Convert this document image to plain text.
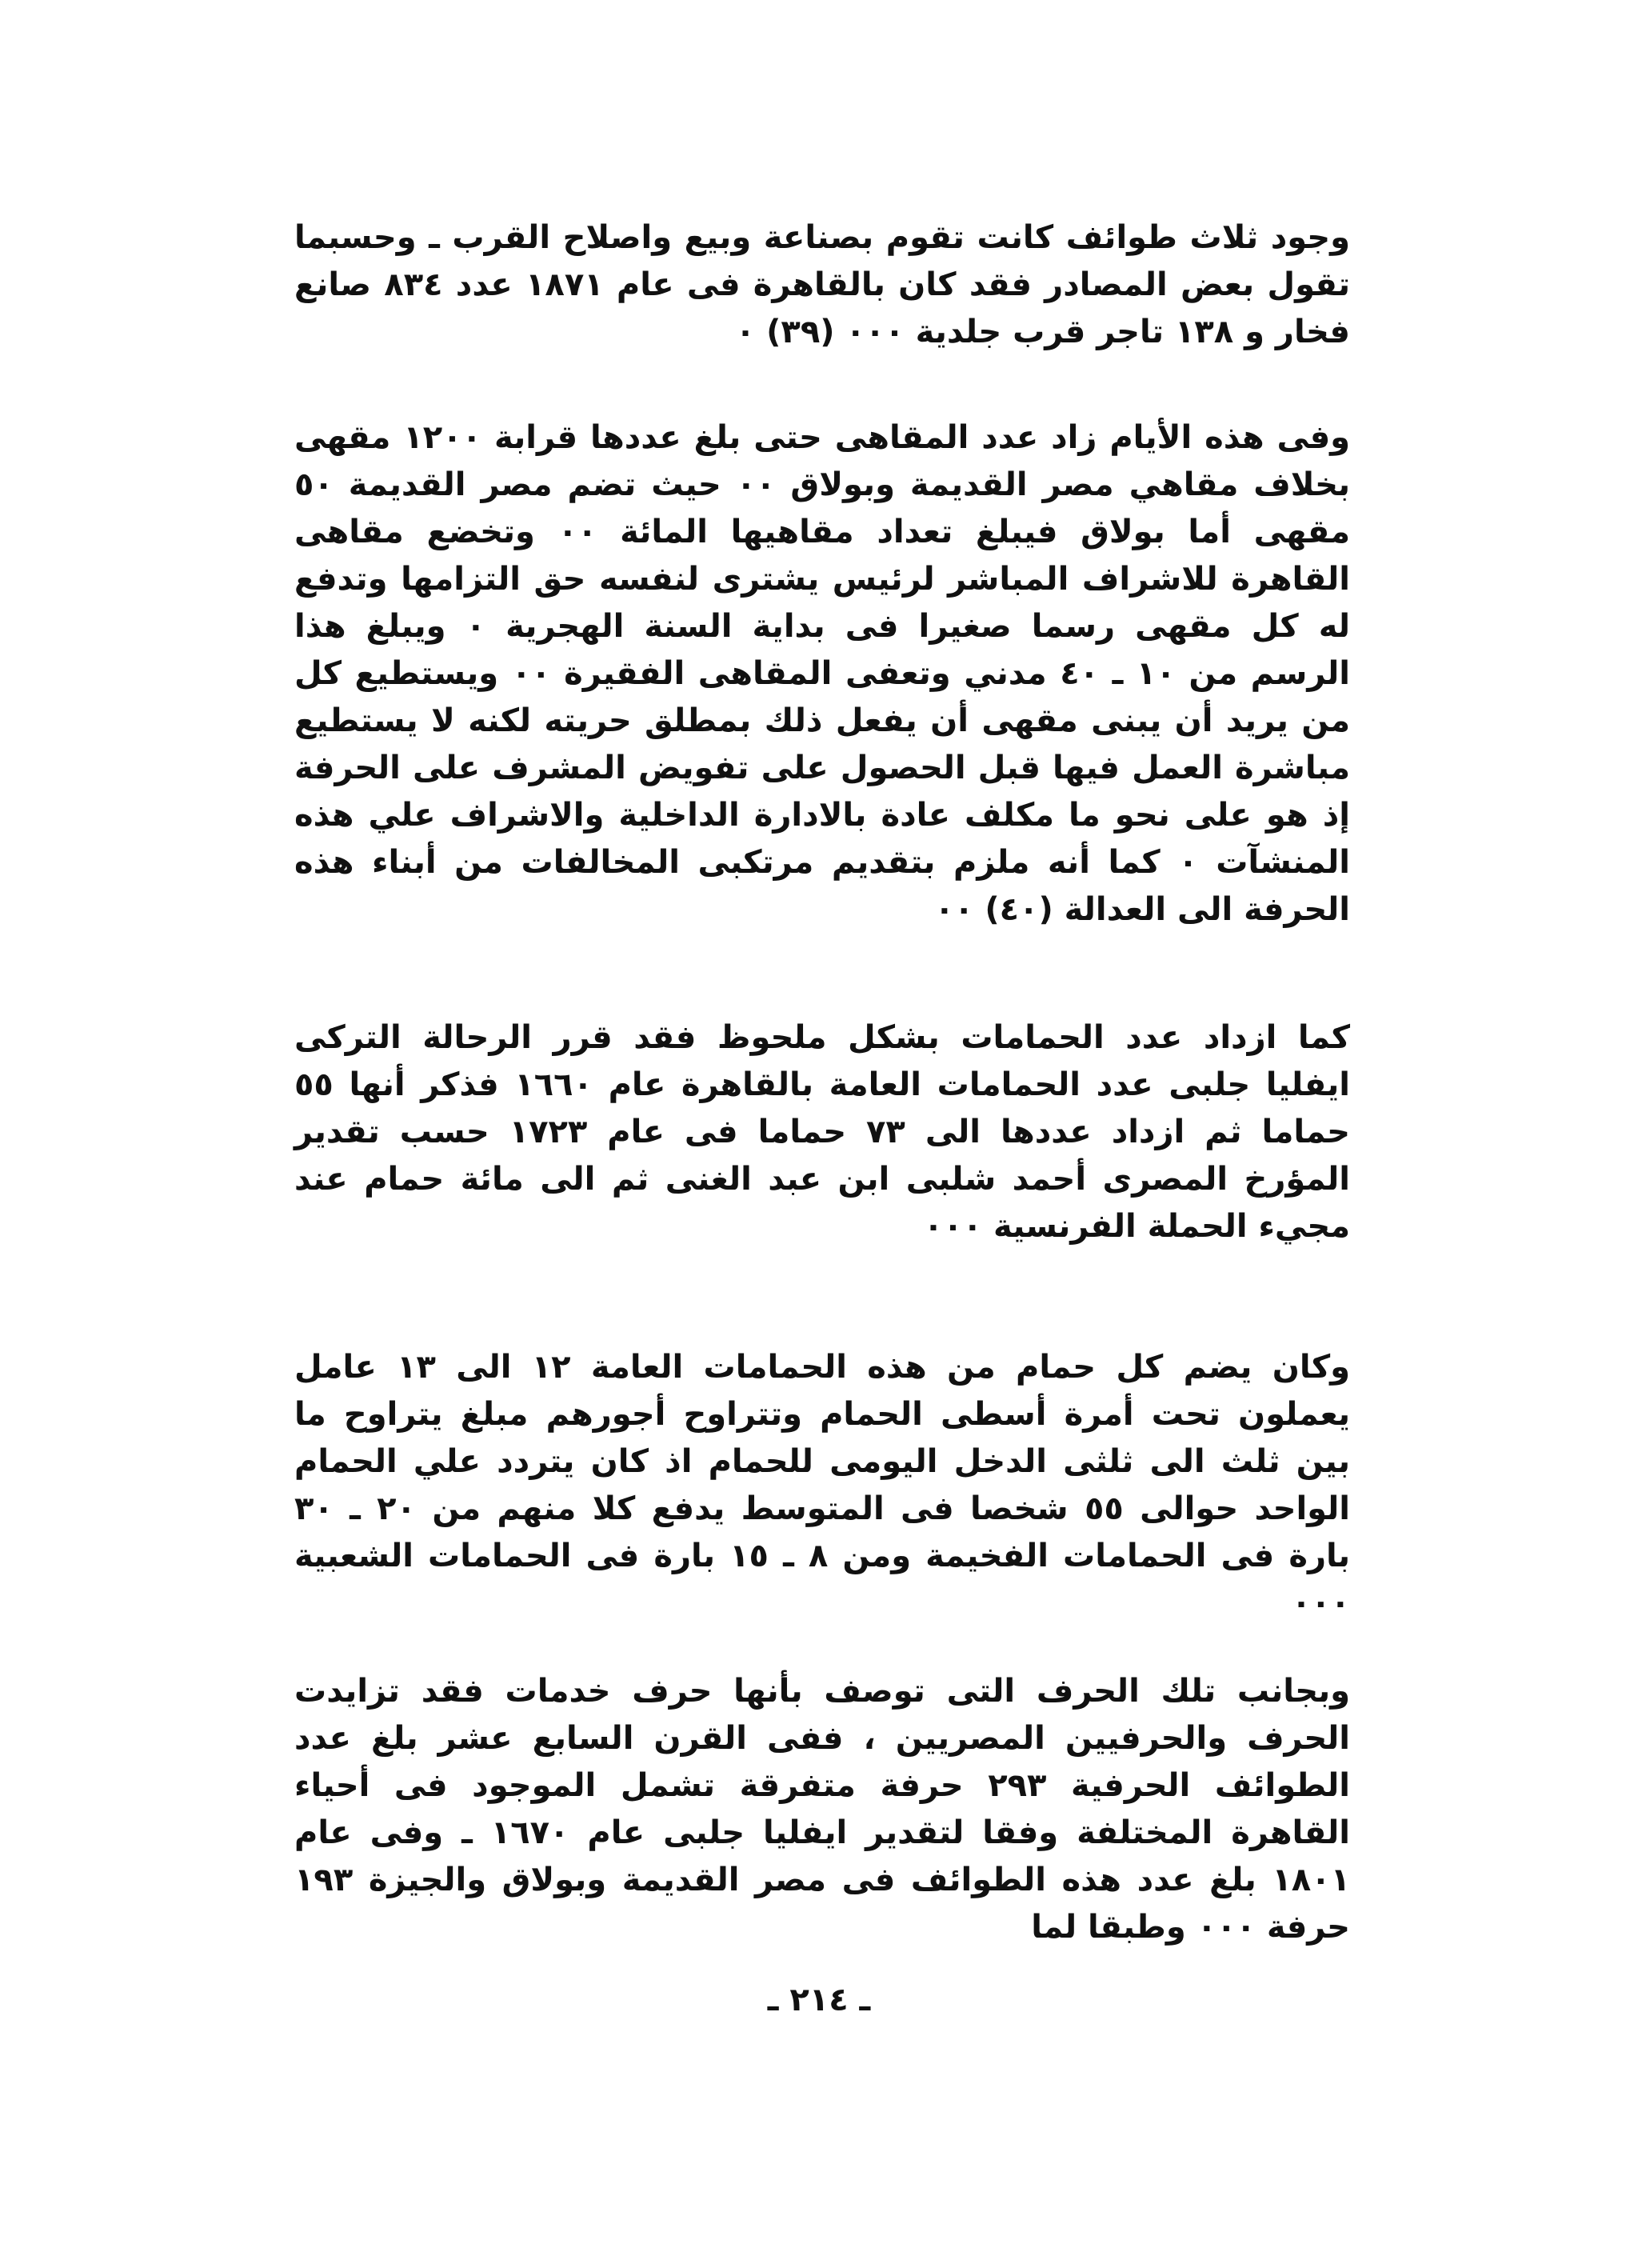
وجود ثلاث طوائف كانت تقوم بصناعة وبيع واصلاح القرب ـ وحسبما تقول بعض المصادر فقد كان بالقاهرة فى عام ١٨٧١ عدد ٨٣٤ صانع فخار و ١٣٨ تاجر قرب جلدية ٠٠٠ (٣٩) ٠

وفى هذه الأيام زاد عدد المقاهى حتى بلغ عددها قرابة ١٢٠٠ مقهى بخلاف مقاهي مصر القديمة وبولاق ٠٠ حيث تضم مصر القديمة ٥٠ مقهى أما بولاق فيبلغ تعداد مقاهيها المائة ٠٠ وتخضع مقاهى القاهرة للاشراف المباشر لرئيس يشترى لنفسه حق التزامها وتدفع له كل مقهى رسما صغيرا فى بداية السنة الهجرية ٠ ويبلغ هذا الرسم من ١٠ ـ ٤٠ مدني وتعفى المقاهى الفقيرة ٠٠ ويستطيع كل من يريد أن يبنى مقهى أن يفعل ذلك بمطلق حريته لكنه لا يستطيع مباشرة العمل فيها قبل الحصول على تفويض المشرف على الحرفة إذ هو على نحو ما مكلف عادة بالادارة الداخلية والاشراف علي هذه المنشآت ٠ كما أنه ملزم بتقديم مرتكبى المخالفات من أبناء هذه الحرفة الى العدالة (٤٠) ٠٠

كما ازداد عدد الحمامات بشكل ملحوظ فقد قرر الرحالة التركى ايفليا جلبى عدد الحمامات العامة بالقاهرة عام ١٦٦٠ فذكر أنها ٥٥ حماما ثم ازداد عددها الى ٧٣ حماما فى عام ١٧٢٣ حسب تقدير المؤرخ المصرى أحمد شلبى ابن عبد الغنى ثم الى مائة حمام عند مجيء الحملة الفرنسية ٠٠٠

وكان يضم كل حمام من هذه الحمامات العامة ١٢ الى ١٣ عامل يعملون تحت أمرة أسطى الحمام وتتراوح أجورهم مبلغ يتراوح ما بين ثلث الى ثلثى الدخل اليومى للحمام اذ كان يتردد علي الحمام الواحد حوالى ٥٥ شخصا فى المتوسط يدفع كلا منهم من ٢٠ ـ ٣٠ بارة فى الحمامات الفخيمة ومن ٨ ـ ١٥ بارة فى الحمامات الشعبية ٠٠٠

وبجانب تلك الحرف التى توصف بأنها حرف خدمات فقد تزايدت الحرف والحرفيين المصريين ، ففى القرن السابع عشر بلغ عدد الطوائف الحرفية ٢٩٣ حرفة متفرقة تشمل الموجود فى أحياء القاهرة المختلفة وفقا لتقدير ايفليا جلبى عام ١٦٧٠ ـ وفى عام ١٨٠١ بلغ عدد هذه الطوائف فى مصر القديمة وبولاق والجيزة ١٩٣ حرفة ٠٠٠ وطبقا لما

ـ ٢١٤ ـ
